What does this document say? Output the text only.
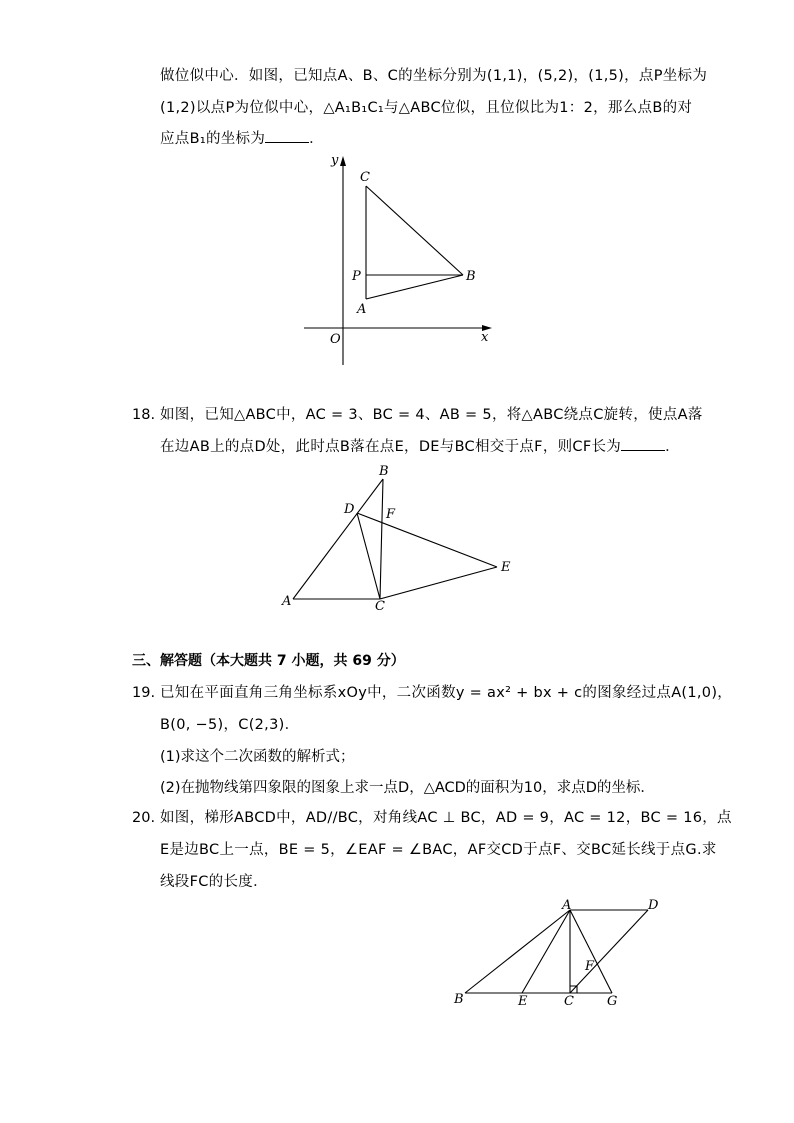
做位似中心．如图，已知点A、B、C的坐标分别为(1,1)，(5,2)，(1,5)，点P坐标为
(1,2)以点P为位似中心，△A₁B₁C₁与△ABC位似，且位似比为1：2，那么点B的对
应点B₁的坐标为	．
y
x
O
C
B
P
A
18. 如图，已知△ABC中，AC = 3、BC = 4、AB = 5，将△ABC绕点C旋转，使点A落
在边AB上的点D处，此时点B落在点E，DE与BC相交于点F，则CF长为	．
B
D F
E
A	C
三、解答题（本大题共 7 小题，共 69 分）
19. 已知在平面直角三角坐标系xOy中，二次函数y = ax² + bx + c的图象经过点A(1,0)，
B(0, −5)，C(2,3)．
(1)求这个二次函数的解析式；
(2)在抛物线第四象限的图象上求一点D，△ACD的面积为10，求点D的坐标．
20. 如图，梯形ABCD中，AD//BC，对角线AC ⊥ BC，AD = 9，AC = 12，BC = 16，点
E是边BC上一点，BE = 5，∠EAF = ∠BAC，AF交CD于点F、交BC延长线于点G.求
线段FC的长度．
A	D
F
B	E	C	G
